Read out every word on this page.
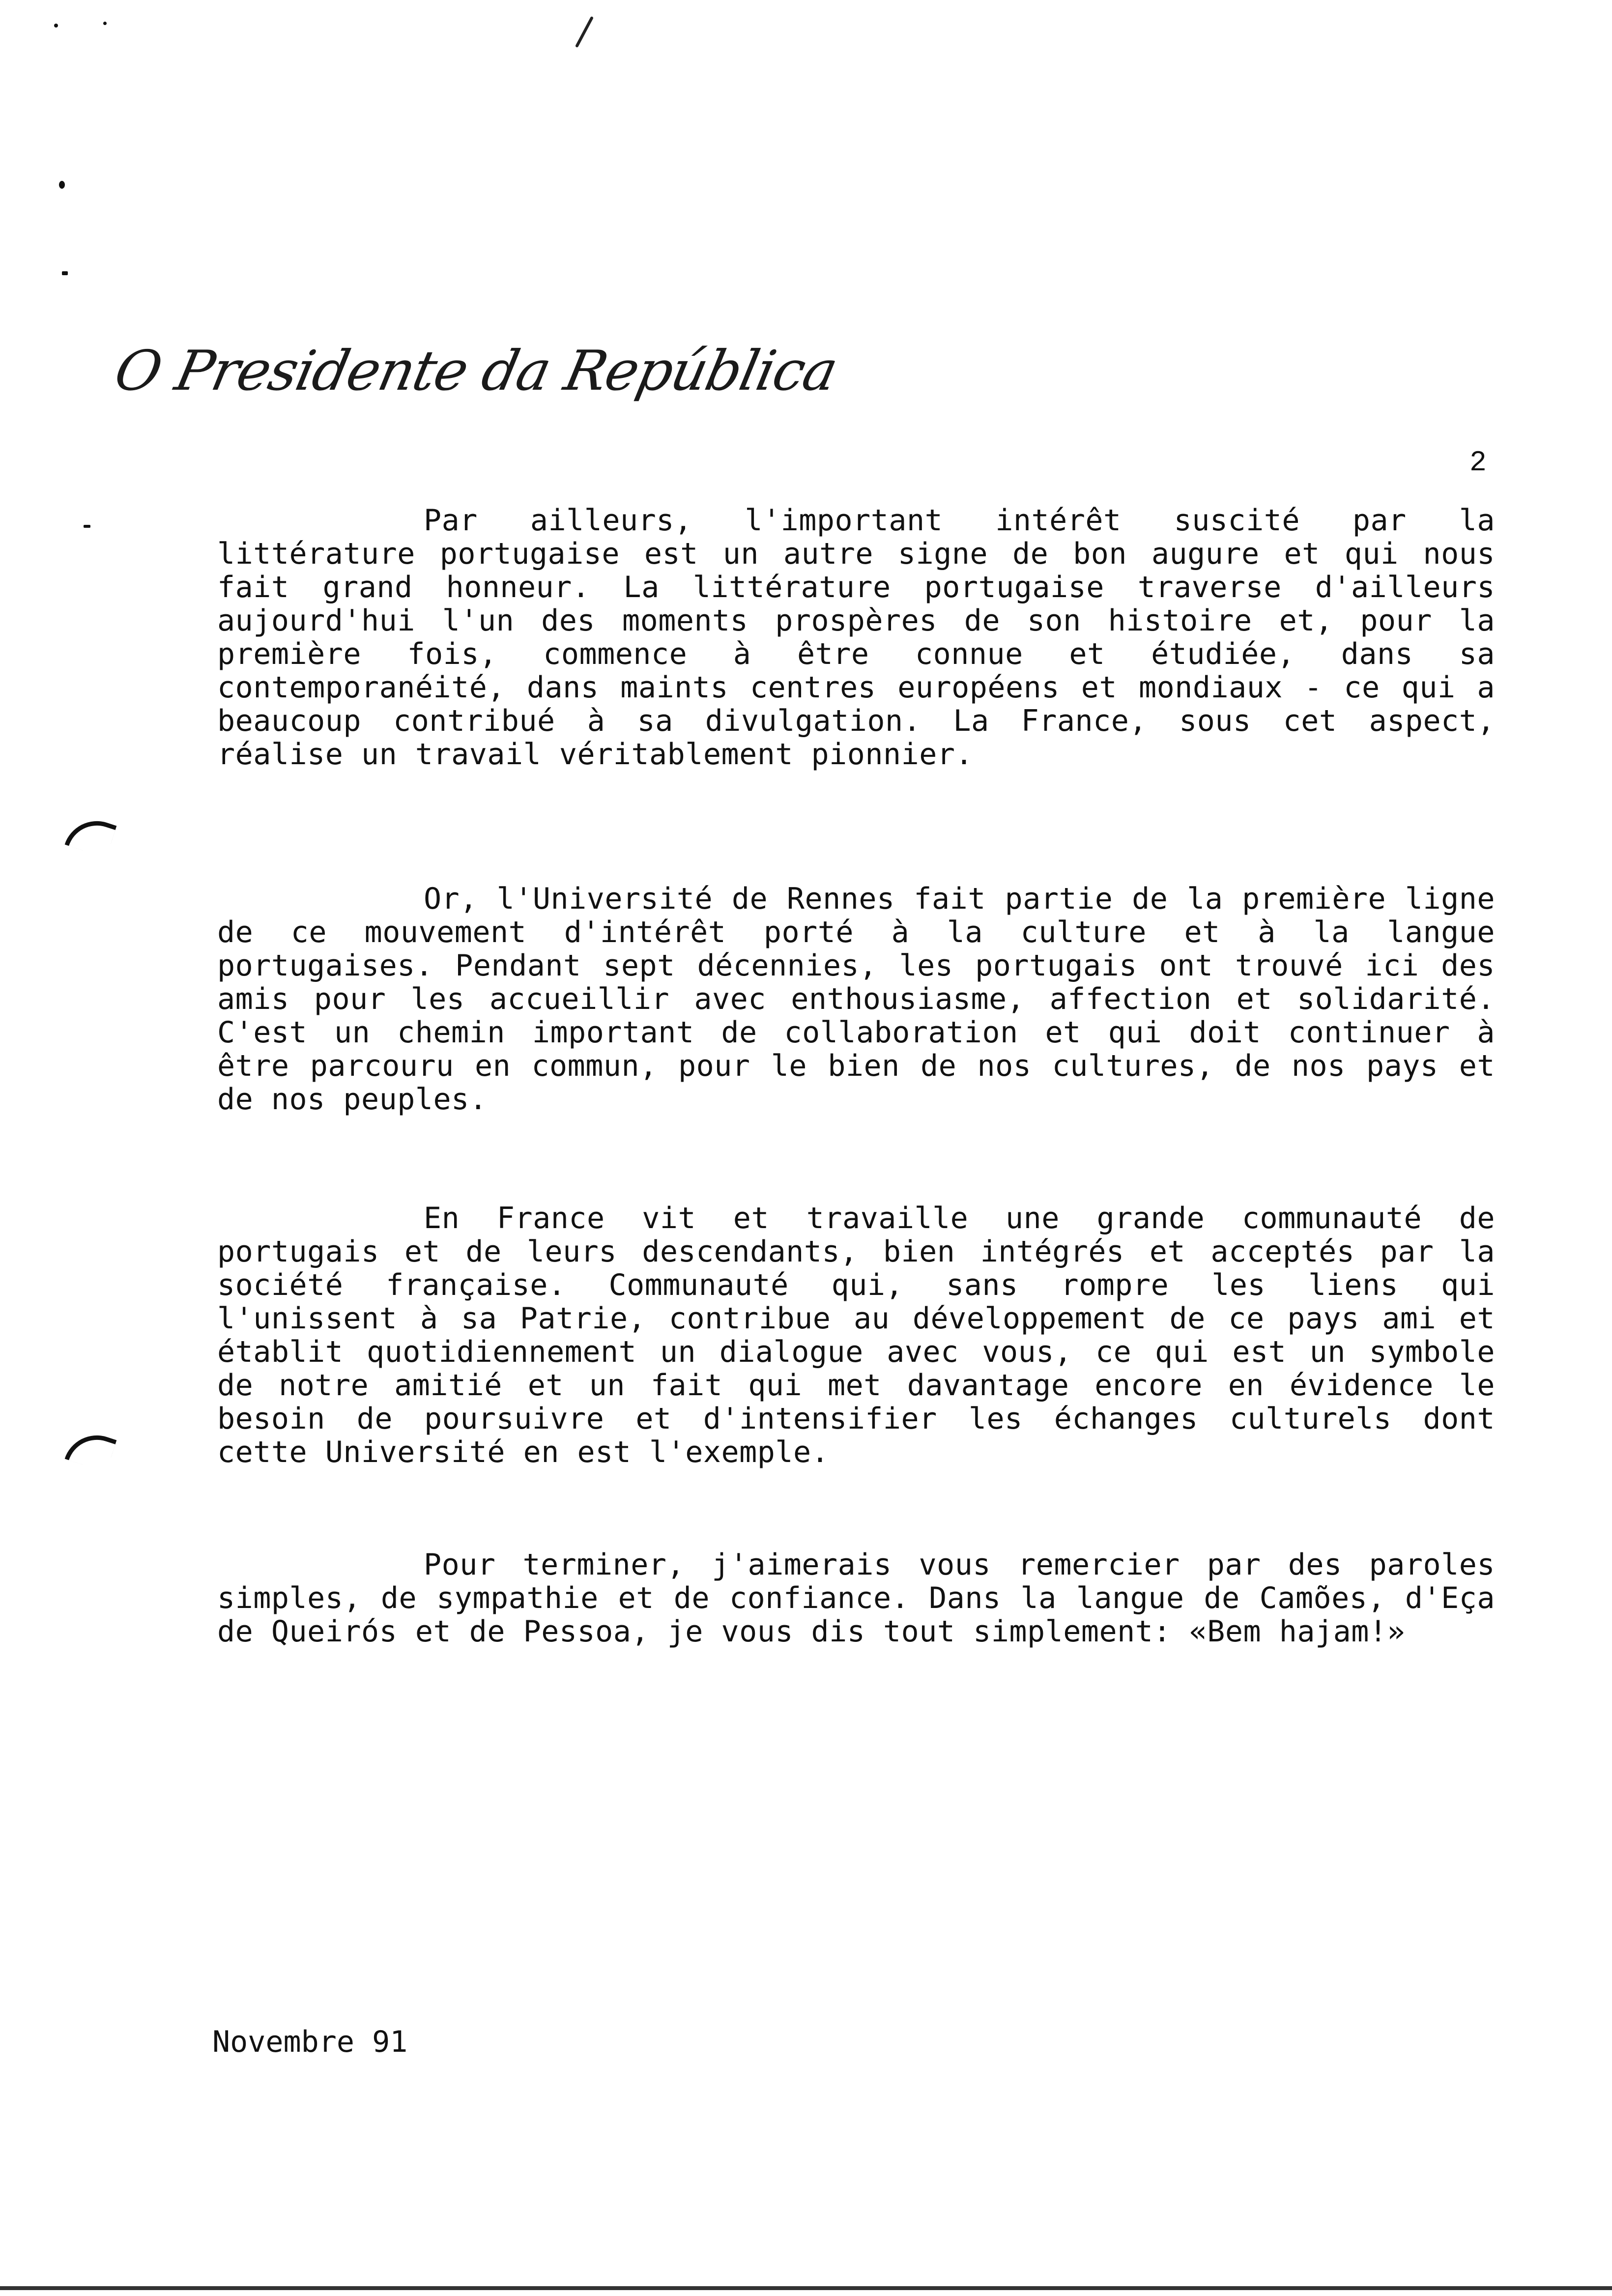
O Presidente da República
2

Par ailleurs, l'important intérêt suscité par la littérature portugaise est un autre signe de bon augure et qui nous fait grand honneur. La littérature portugaise traverse d'ailleurs aujourd'hui l'un des moments prospères de son histoire et, pour la première fois, commence à être connue et étudiée, dans sa contemporanéité, dans maints centres européens et mondiaux - ce qui a beaucoup contribué à sa divulgation. La France, sous cet aspect, réalise un travail véritablement pionnier.

Or, l'Université de Rennes fait partie de la première ligne de ce mouvement d'intérêt porté à la culture et à la langue portugaises. Pendant sept décennies, les portugais ont trouvé ici des amis pour les accueillir avec enthousiasme, affection et solidarité. C'est un chemin important de collaboration et qui doit continuer à être parcouru en commun, pour le bien de nos cultures, de nos pays et de nos peuples.

En France vit et travaille une grande communauté de portugais et de leurs descendants, bien intégrés et acceptés par la société française. Communauté qui, sans rompre les liens qui l'unissent à sa Patrie, contribue au développement de ce pays ami et établit quotidiennement un dialogue avec vous, ce qui est un symbole de notre amitié et un fait qui met davantage encore en évidence le besoin de poursuivre et d'intensifier les échanges culturels dont cette Université en est l'exemple.

Pour terminer, j'aimerais vous remercier par des paroles simples, de sympathie et de confiance. Dans la langue de Camões, d'Eça de Queirós et de Pessoa, je vous dis tout simplement: «Bem hajam!»

Novembre 91
